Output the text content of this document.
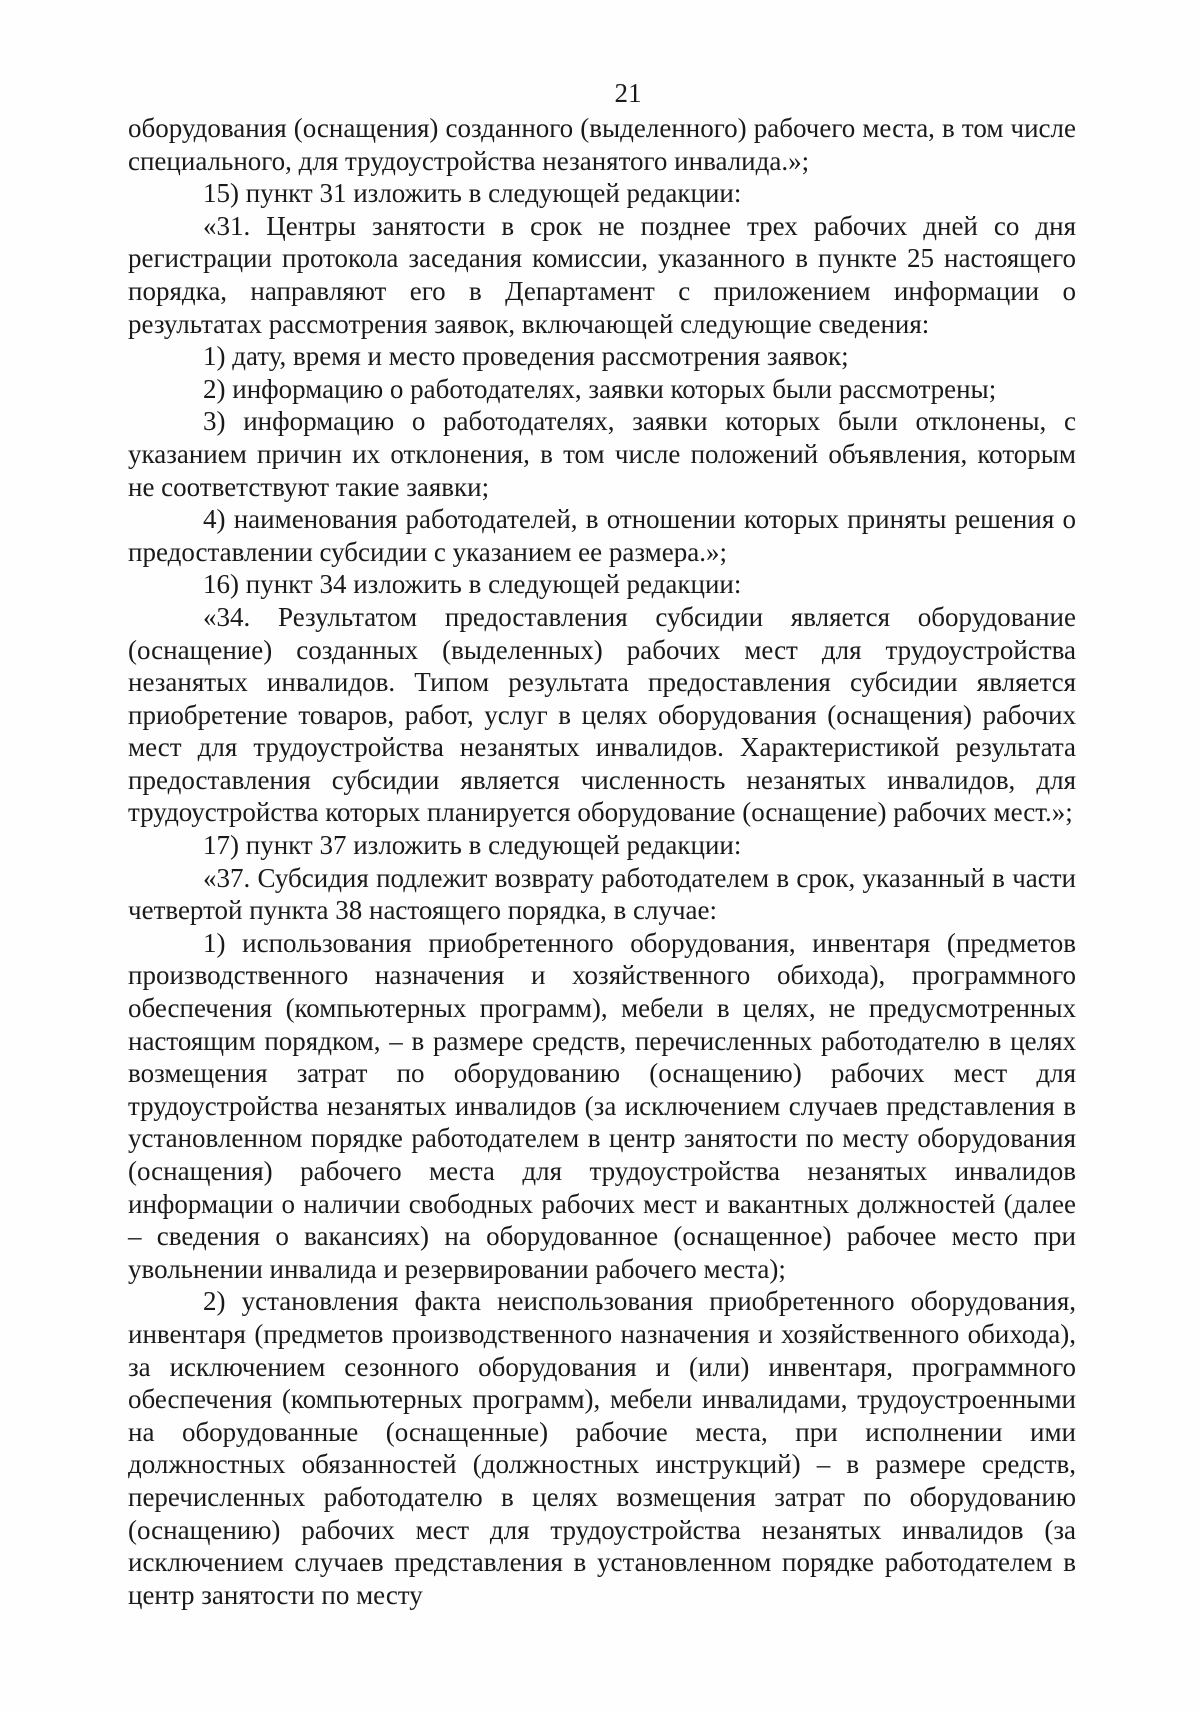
21

оборудования (оснащения) созданного (выделенного) рабочего места, в том числе специального, для трудоустройства незанятого инвалида.»;

15) пункт 31 изложить в следующей редакции:

«31. Центры занятости в срок не позднее трех рабочих дней со дня регистрации протокола заседания комиссии, указанного в пункте 25 настоящего порядка, направляют его в Департамент с приложением информации о результатах рассмотрения заявок, включающей следующие сведения:

1) дату, время и место проведения рассмотрения заявок;

2) информацию о работодателях, заявки которых были рассмотрены;

3) информацию о работодателях, заявки которых были отклонены, с указанием причин их отклонения, в том числе положений объявления, которым не соответствуют такие заявки;

4) наименования работодателей, в отношении которых приняты решения о предоставлении субсидии с указанием ее размера.»;

16) пункт 34 изложить в следующей редакции:

«34. Результатом предоставления субсидии является оборудование (оснащение) созданных (выделенных) рабочих мест для трудоустройства незанятых инвалидов. Типом результата предоставления субсидии является приобретение товаров, работ, услуг в целях оборудования (оснащения) рабочих мест для трудоустройства незанятых инвалидов. Характеристикой результата предоставления субсидии является численность незанятых инвалидов, для трудоустройства которых планируется оборудование (оснащение) рабочих мест.»;

17) пункт 37 изложить в следующей редакции:

«37. Субсидия подлежит возврату работодателем в срок, указанный в части четвертой пункта 38 настоящего порядка, в случае:

1) использования приобретенного оборудования, инвентаря (предметов производственного назначения и хозяйственного обихода), программного обеспечения (компьютерных программ), мебели в целях, не предусмотренных настоящим порядком, – в размере средств, перечисленных работодателю в целях возмещения затрат по оборудованию (оснащению) рабочих мест для трудоустройства незанятых инвалидов (за исключением случаев представления в установленном порядке работодателем в центр занятости по месту оборудования (оснащения) рабочего места для трудоустройства незанятых инвалидов информации о наличии свободных рабочих мест и вакантных должностей (далее – сведения о вакансиях) на оборудованное (оснащенное) рабочее место при увольнении инвалида и резервировании рабочего места);

2) установления факта неиспользования приобретенного оборудования, инвентаря (предметов производственного назначения и хозяйственного обихода), за исключением сезонного оборудования и (или) инвентаря, программного обеспечения (компьютерных программ), мебели инвалидами, трудоустроенными на оборудованные (оснащенные) рабочие места, при исполнении ими должностных обязанностей (должностных инструкций) – в размере средств, перечисленных работодателю в целях возмещения затрат по оборудованию (оснащению) рабочих мест для трудоустройства незанятых инвалидов (за исключением случаев представления в установленном порядке работодателем в центр занятости по месту
